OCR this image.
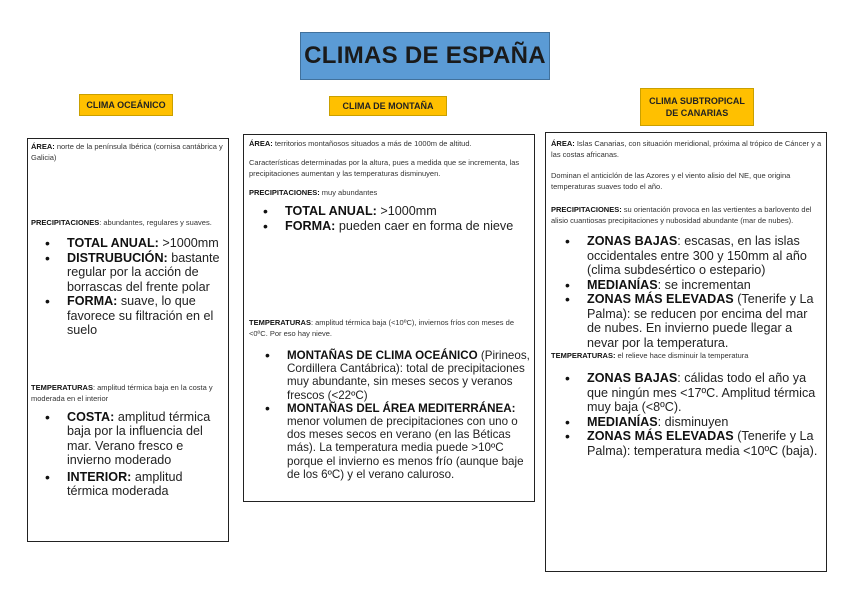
CLIMAS DE ESPAÑA
CLIMA OCEÁNICO	CLIMA DE MONTAÑA	CLIMA SUBTROPICAL
DE CANARIAS

ÁREA: norte de la península Ibérica (cornisa cantábrica y Galicia)

PRECIPITACIONES: abundantes, regulares y suaves.

• TOTAL ANUAL: >1000mm
• DISTRUBUCIÓN: bastante regular por la acción de borrascas del frente polar
• FORMA: suave, lo que favorece su filtración en el suelo

TEMPERATURAS: amplitud térmica baja en la costa y moderada en el interior

• COSTA: amplitud térmica baja por la influencia del mar. Verano fresco e invierno moderado
• INTERIOR: amplitud térmica moderada

ÁREA: territorios montañosos situados a más de 1000m de altitud.

Características determinadas por la altura, pues a medida que se incrementa, las precipitaciones aumentan y las temperaturas disminuyen.

PRECIPITACIONES: muy abundantes

• TOTAL ANUAL: >1000mm
• FORMA: pueden caer en forma de nieve

TEMPERATURAS: amplitud térmica baja (<10ºC), inviernos fríos con meses de <0ºC. Por eso hay nieve.

• MONTAÑAS DE CLIMA OCEÁNICO (Pirineos, Cordillera Cantábrica): total de precipitaciones muy abundante, sin meses secos y veranos frescos (<22ºC)
• MONTAÑAS DEL ÁREA MEDITERRÁNEA: menor volumen de precipitaciones con uno o dos meses secos en verano (en las Béticas más). La temperatura media puede >10ºC porque el invierno es menos frío (aunque baje de los 6ºC) y el verano caluroso.

ÁREA: Islas Canarias, con situación meridional, próxima al trópico de Cáncer y a las costas africanas.

Dominan el anticiclón de las Azores y el viento alisio del NE, que origina temperaturas suaves todo el año.

PRECIPITACIONES: su orientación provoca en las vertientes a barlovento del alisio cuantiosas precipitaciones y nubosidad abundante (mar de nubes).

• ZONAS BAJAS: escasas, en las islas occidentales entre 300 y 150mm al año (clima subdesértico o estepario)
• MEDIANÍAS: se incrementan
• ZONAS MÁS ELEVADAS (Tenerife y La Palma): se reducen por encima del mar de nubes. En invierno puede llegar a nevar por la temperatura.

TEMPERATURAS: el relieve hace disminuir la temperatura

• ZONAS BAJAS: cálidas todo el año ya que ningún mes <17ºC. Amplitud térmica muy baja (<8ºC).
• MEDIANÍAS: disminuyen
• ZONAS MÁS ELEVADAS (Tenerife y La Palma): temperatura media <10ºC (baja).
